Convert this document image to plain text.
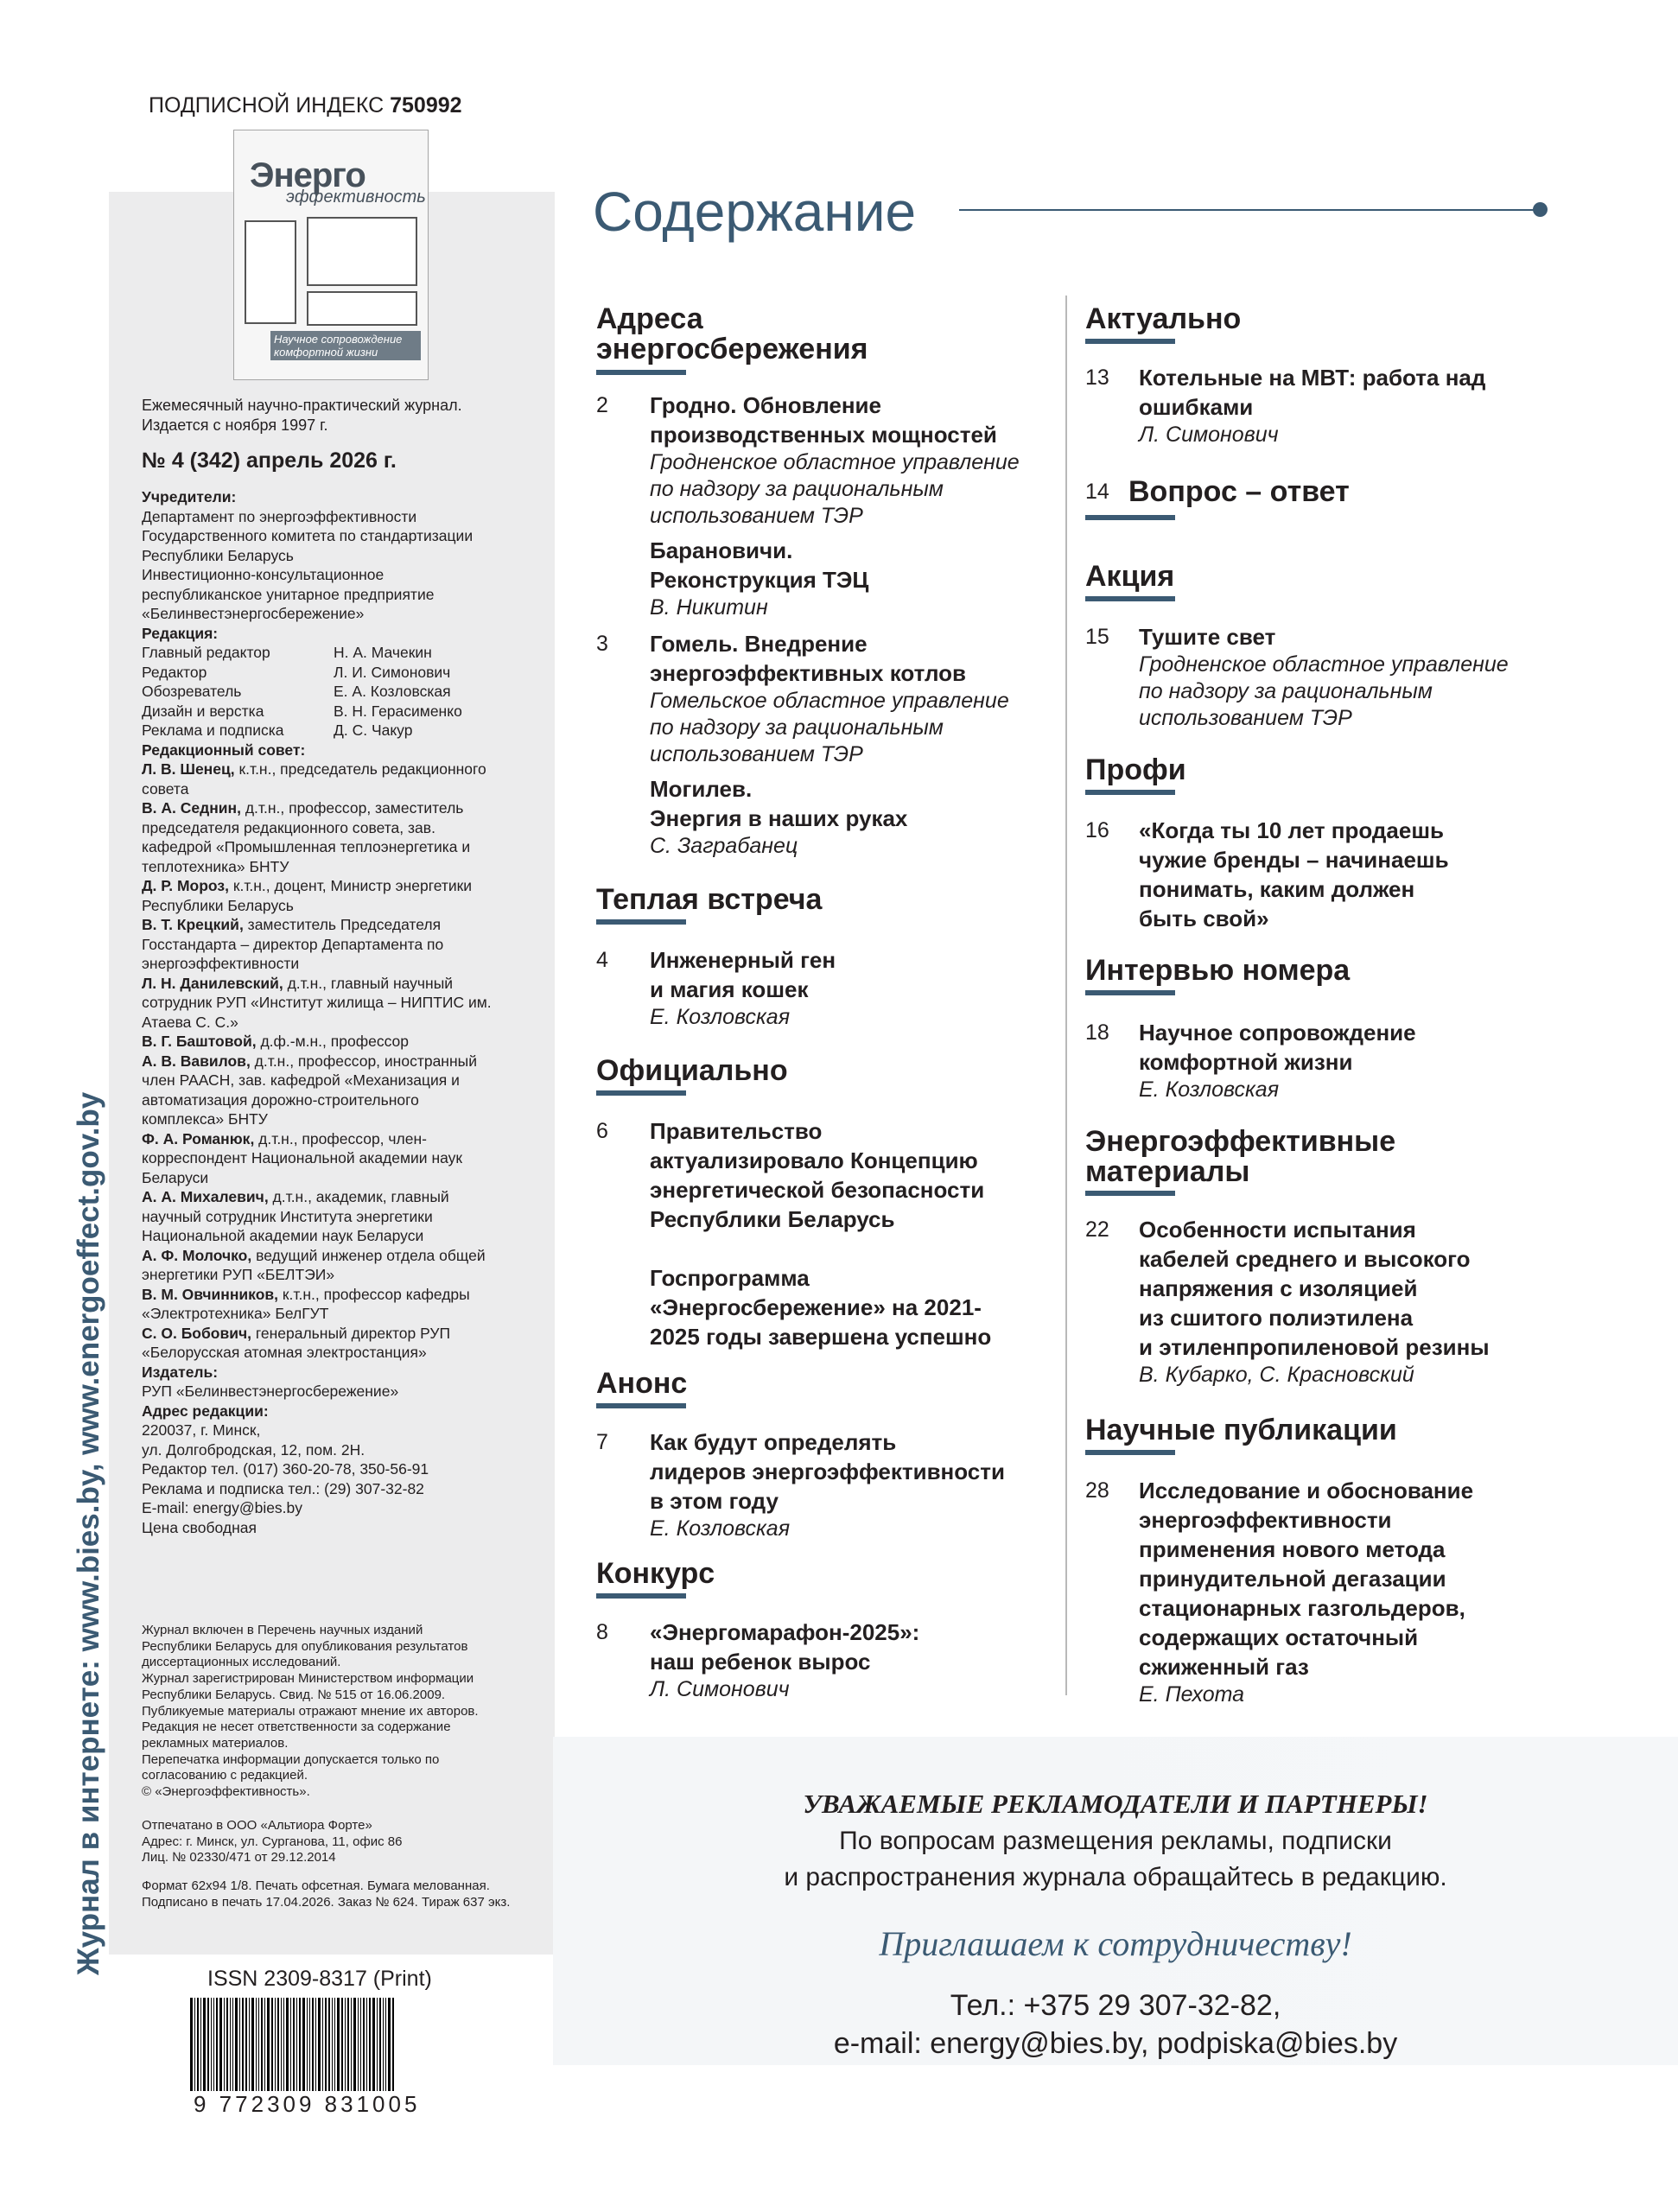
Журнал в интернете: www.bies.by, www.energoeffect.gov.by
ПОДПИСНОЙ ИНДЕКС 750992
Энерго
эффективность
Научное сопровождение комфортной жизни
Ежемесячный научно-практический журнал.
Издается с ноября 1997 г.
№ 4 (342) апрель 2026 г.
Учредители:
Департамент по энергоэффективности Государственного комитета по стандартизации Республики Беларусь
Инвестиционно-консультационное республиканское унитарное предприятие «Белинвестэнергосбережение»
Редакция:
Главный редактор	Н. А. Мачекин
Редактор	Л. И. Симонович
Обозреватель	Е. А. Козловская
Дизайн и верстка	В. Н. Герасименко
Реклама и подписка	Д. С. Чакур
Редакционный совет:
Л. В. Шенец, к.т.н., председатель редакционного совета
В. А. Седнин, д.т.н., профессор, заместитель председателя редакционного совета, зав. кафедрой «Промышленная теплоэнергетика и теплотехника» БНТУ
Д. Р. Мороз, к.т.н., доцент, Министр энергетики Республики Беларусь
В. Т. Крецкий, заместитель Председателя Госстандарта – директор Департамента по энергоэффективности
Л. Н. Данилевский, д.т.н., главный научный сотрудник РУП «Институт жилища – НИПТИС им. Атаева С. С.»
В. Г. Баштовой, д.ф.-м.н., профессор
А. В. Вавилов, д.т.н., профессор, иностранный член РААСН, зав. кафедрой «Механизация и автоматизация дорожно-строительного комплекса» БНТУ
Ф. А. Романюк, д.т.н., профессор, член-корреспондент Национальной академии наук Беларуси
А. А. Михалевич, д.т.н., академик, главный научный сотрудник Института энергетики Национальной академии наук Беларуси
А. Ф. Молочко, ведущий инженер отдела общей энергетики РУП «БЕЛТЭИ»
В. М. Овчинников, к.т.н., профессор кафедры «Электротехника» БелГУТ
С. О. Бобович, генеральный директор РУП «Белорусская атомная электростанция»
Издатель:
РУП «Белинвестэнергосбережение»
Адрес редакции:
220037, г. Минск,
ул. Долгобродская, 12, пом. 2Н.
Редактор тел. (017) 360-20-78, 350-56-91
Реклама и подписка тел.: (29) 307-32-82
E-mail: energy@bies.by
Цена свободная
Журнал включен в Перечень научных изданий Республики Беларусь для опубликования результатов диссертационных исследований.
Журнал зарегистрирован Министерством информации Республики Беларусь. Свид. № 515 от 16.06.2009.
Публикуемые материалы отражают мнение их авторов.
Редакция не несет ответственности за содержание рекламных материалов.
Перепечатка информации допускается только по согласованию с редакцией.
© «Энергоэффективность».
Отпечатано в ООО «Альтиора Форте»
Адрес: г. Минск, ул. Сурганова, 11, офис 86
Лиц. № 02330/471 от 29.12.2014
Формат 62х94 1/8. Печать офсетная. Бумага мелованная.
Подписано в печать 17.04.2026. Заказ № 624. Тираж 637 экз.
ISSN 2309-8317 (Print)
9 772309 831005
Содержание
Адреса
энергосбережения
2 Гродно. Обновление
производственных мощностей
Гродненское областное управление
по надзору за рациональным
использованием ТЭР
Барановичи.
Реконструкция ТЭЦ
В. Никитин
3 Гомель. Внедрение
энергоэффективных котлов
Гомельское областное управление
по надзору за рациональным
использованием ТЭР
Могилев.
Энергия в наших руках
С. Заграбанец
Теплая встреча
4 Инженерный ген
и магия кошек
Е. Козловская
Официально
6 Правительство
актуализировало Концепцию
энергетической безопасности
Республики Беларусь
Госпрограмма
«Энергосбережение» на 2021-
2025 годы завершена успешно
Анонс
7 Как будут определять
лидеров энергоэффективности
в этом году
Е. Козловская
Конкурс
8 «Энергомарафон-2025»:
наш ребенок вырос
Л. Симонович
Актуально
13 Котельные на МВТ: работа над
ошибками
Л. Симонович
14 Вопрос – ответ
Акция
15 Тушите свет
Гродненское областное управление
по надзору за рациональным
использованием ТЭР
Профи
16 «Когда ты 10 лет продаешь
чужие бренды – начинаешь
понимать, каким должен
быть свой»
Интервью номера
18 Научное сопровождение
комфортной жизни
Е. Козловская
Энергоэффективные
материалы
22 Особенности испытания
кабелей среднего и высокого
напряжения с изоляцией
из сшитого полиэтилена
и этиленпропиленовой резины
В. Кубарко, С. Красновский
Научные публикации
28 Исследование и обоснование
энергоэффективности
применения нового метода
принудительной дегазации
стационарных газгольдеров,
содержащих остаточный
сжиженный газ
Е. Пехота
УВАЖАЕМЫЕ РЕКЛАМОДАТЕЛИ И ПАРТНЕРЫ!
По вопросам размещения рекламы, подписки
и распространения журнала обращайтесь в редакцию.
Приглашаем к сотрудничеству!
Тел.: +375 29 307-32-82,
e-mail: energy@bies.by, podpiska@bies.by
